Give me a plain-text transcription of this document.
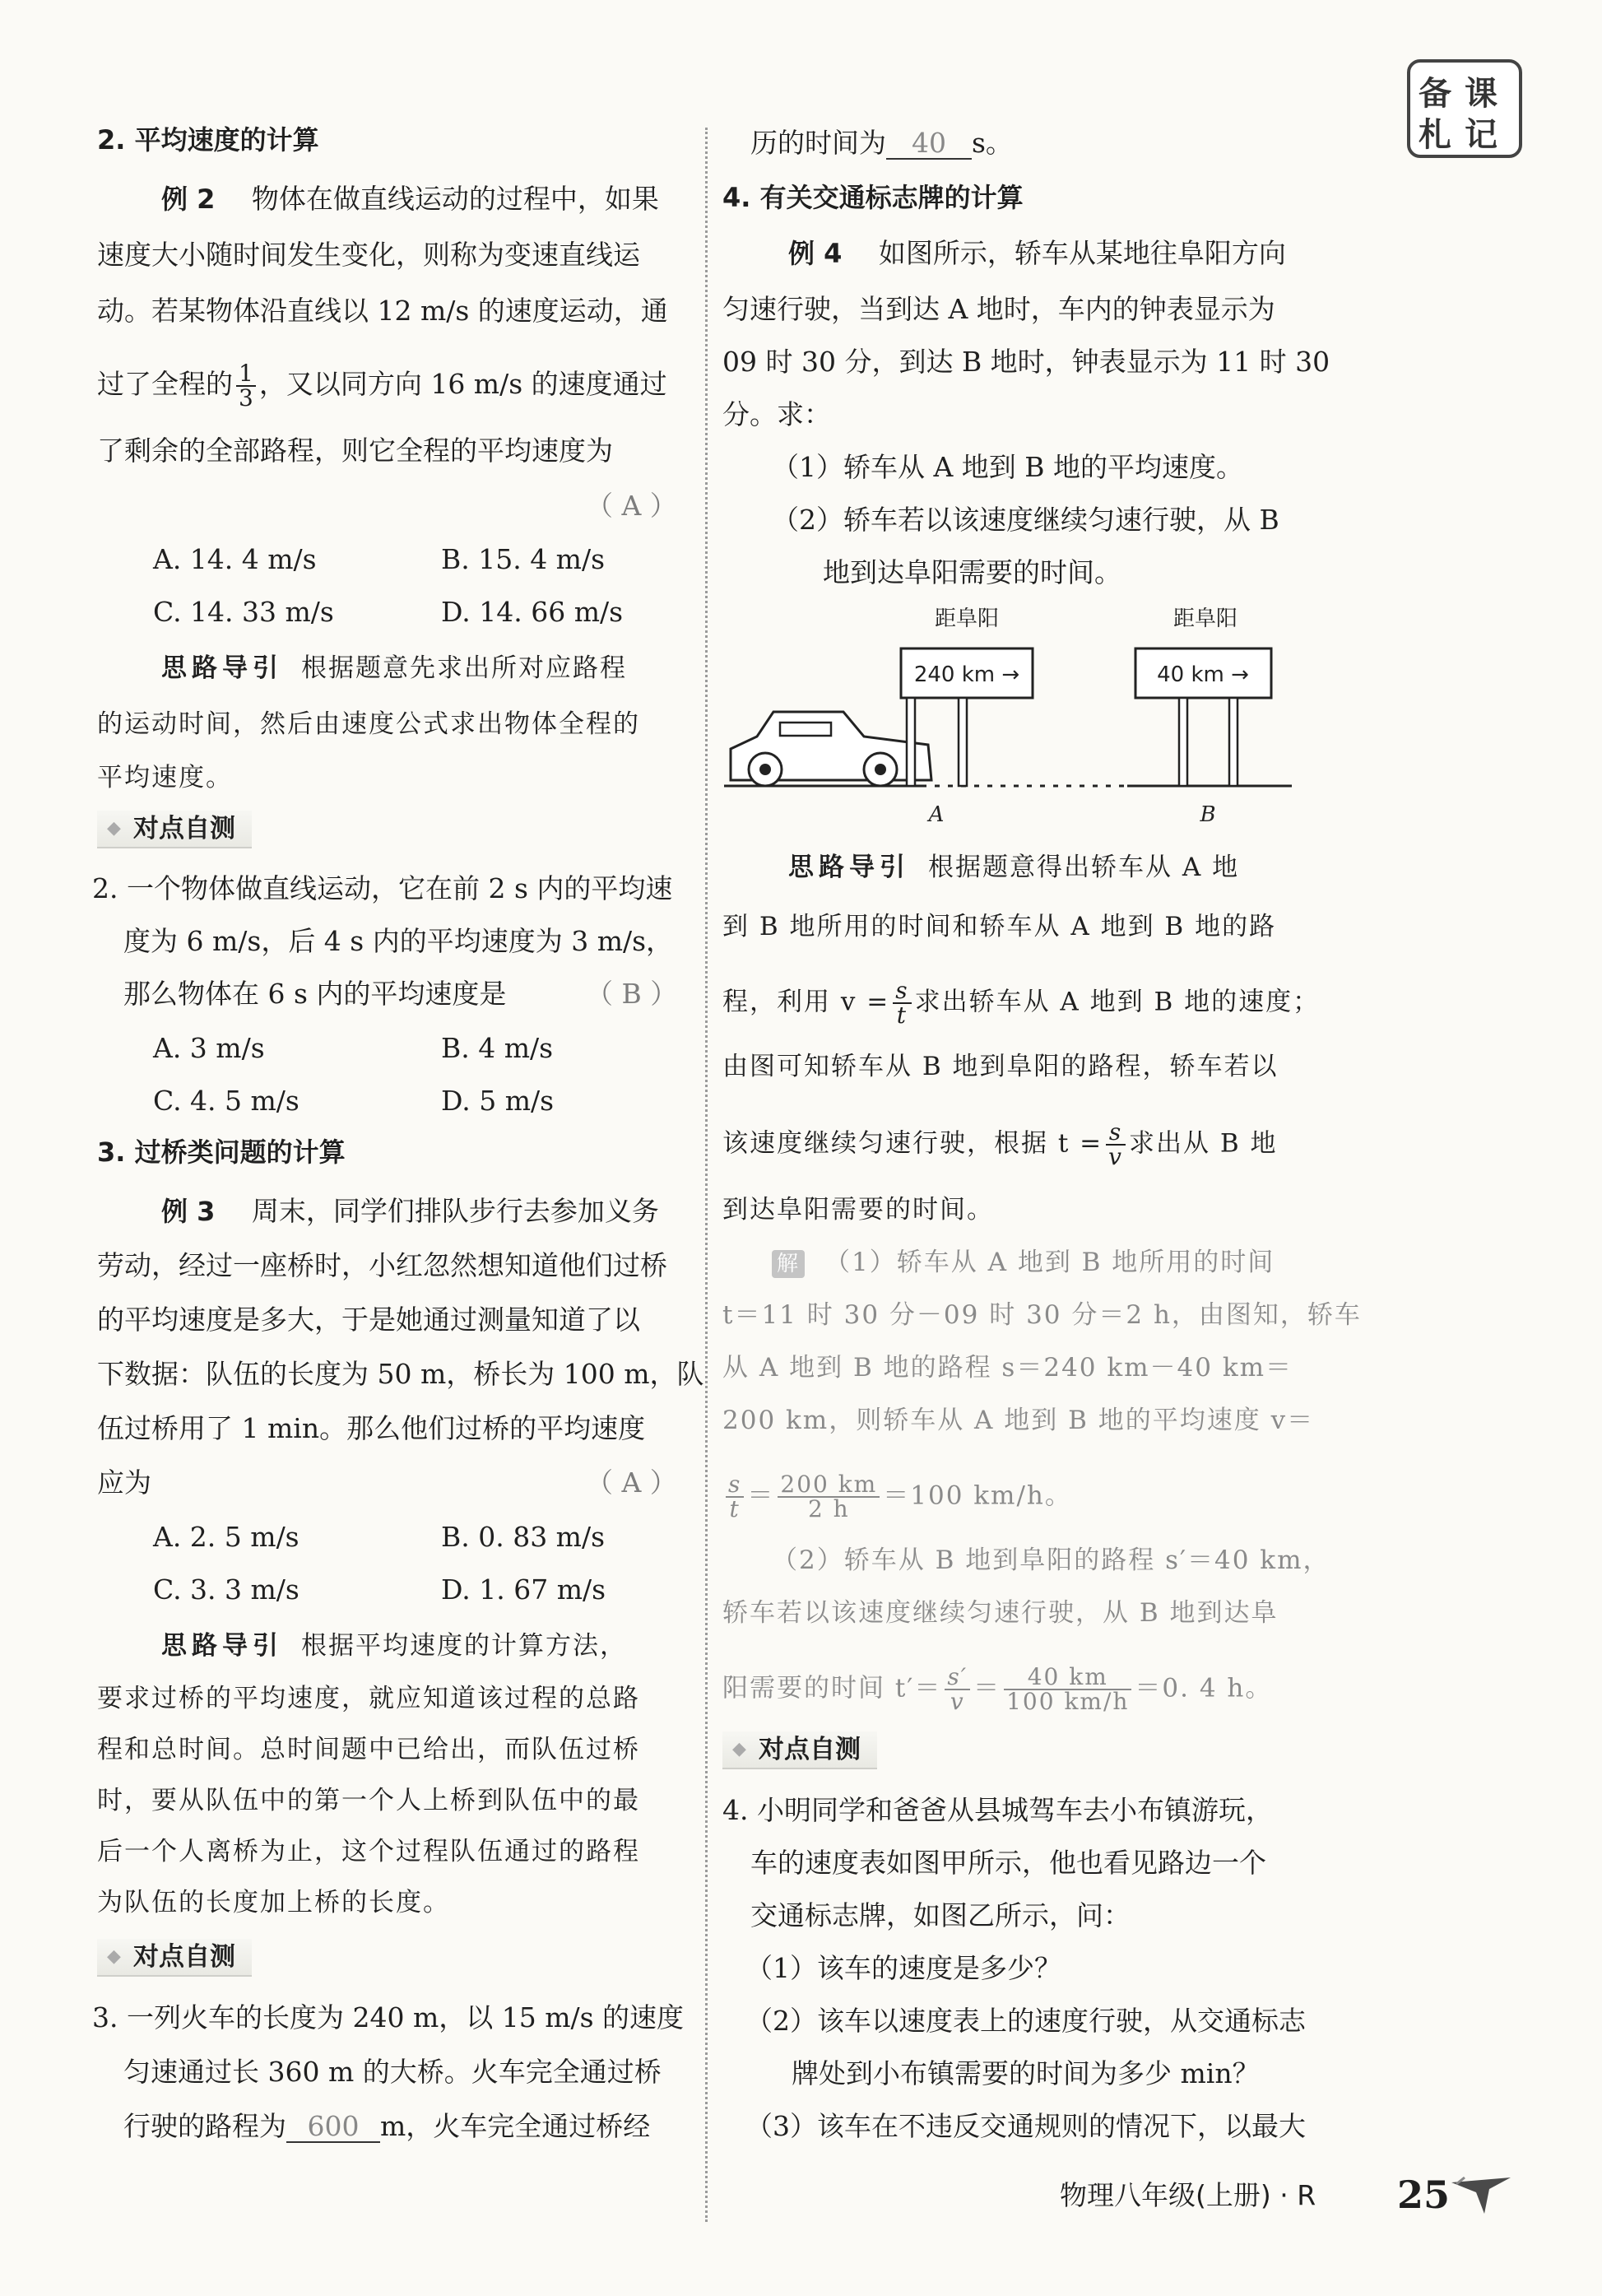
备 课
札 记
2. 平均速度的计算
例 2 物体在做直线运动的过程中，如果
速度大小随时间发生变化，则称为变速直线运
动。若某物体沿直线以 12 m/s 的速度运动，通
过了全程的 $\frac{1}{3}$ ，又以同方向 16 m/s 的速度通过
了剩余的全部路程，则它全程的平均速度为
（ A ）
A. 14. 4 m/s	B. 15. 4 m/s
C. 14. 33 m/s	D. 14. 66 m/s
思路导引 根据题意先求出所对应路程
的运动时间，然后由速度公式求出物体全程的
平均速度。
◆ 对点自测
2. 一个物体做直线运动，它在前 2 s 内的平均速
度为 6 m/s，后 4 s 内的平均速度为 3 m/s，
那么物体在 6 s 内的平均速度是	（ B ）
A. 3 m/s	B. 4 m/s
C. 4. 5 m/s	D. 5 m/s
3. 过桥类问题的计算
例 3 周末，同学们排队步行去参加义务
劳动，经过一座桥时，小红忽然想知道他们过桥
的平均速度是多大，于是她通过测量知道了以
下数据：队伍的长度为 50 m，桥长为 100 m，队
伍过桥用了 1 min。那么他们过桥的平均速度
应为	（ A ）
A. 2. 5 m/s	B. 0. 83 m/s
C. 3. 3 m/s	D. 1. 67 m/s
思路导引 根据平均速度的计算方法，
要求过桥的平均速度，就应知道该过程的总路
程和总时间。总时间题中已给出，而队伍过桥
时，要从队伍中的第一个人上桥到队伍中的最
后一个人离桥为止，这个过程队伍通过的路程
为队伍的长度加上桥的长度。
◆ 对点自测
3. 一列火车的长度为 240 m，以 15 m/s 的速度
匀速通过长 360 m 的大桥。火车完全通过桥
行驶的路程为 600 m，火车完全通过桥经
历的时间为 40 s。
4. 有关交通标志牌的计算
例 4 如图所示，轿车从某地往阜阳方向
匀速行驶，当到达 A 地时，车内的钟表显示为
09 时 30 分，到达 B 地时，钟表显示为 11 时 30
分。求：
（1）轿车从 A 地到 B 地的平均速度。
（2）轿车若以该速度继续匀速行驶，从 B
地到达阜阳需要的时间。
距阜阳
240 km →
A
距阜阳
40 km →
B
思路导引 根据题意得出轿车从 A 地
到 B 地所用的时间和轿车从 A 地到 B 地的路
程，利用 $v = \frac{s}{t}$ 求出轿车从 A 地到 B 地的速度；
由图可知轿车从 B 地到阜阳的路程，轿车若以
该速度继续匀速行驶，根据 $t = \frac{s}{v}$ 求出从 B 地
到达阜阳需要的时间。
解 （1）轿车从 A 地到 B 地所用的时间
t＝11 时 30 分－09 时 30 分＝2 h，由图知，轿车
从 A 地到 B 地的路程 s＝240 km－40 km＝
200 km，则轿车从 A 地到 B 地的平均速度 v＝
$\frac{s}{t} = \frac{200 km}{2 h} =100$ km/h。
（2）轿车从 B 地到阜阳的路程 s′＝40 km，
轿车若以该速度继续匀速行驶，从 B 地到达阜
阳需要的时间 $t'= \frac{s'}{v} = \frac{40 km}{100 km/h} =0$. 4 h。
◆ 对点自测
4. 小明同学和爸爸从县城驾车去小布镇游玩，
车的速度表如图甲所示，他也看见路边一个
交通标志牌，如图乙所示，问：
（1）该车的速度是多少？
（2）该车以速度表上的速度行驶，从交通标志
牌处到小布镇需要的时间为多少 min？
（3）该车在不违反交通规则的情况下，以最大
物理八年级(上册) · R 25
